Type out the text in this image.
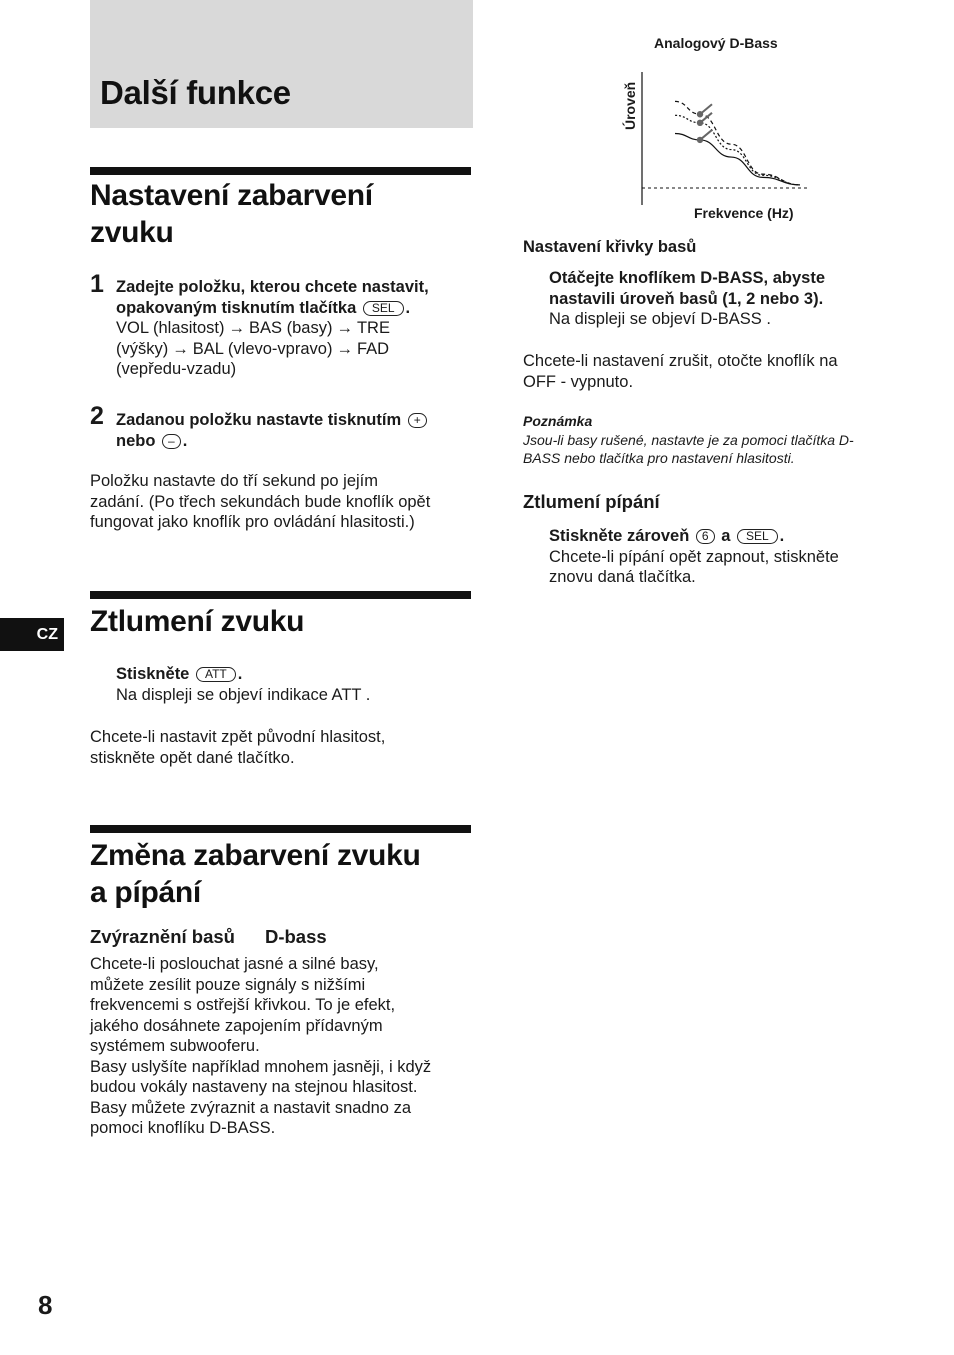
Další funkce
Nastavení zabarvení
zvuku
1 Zadejte položku, kterou chcete nastavit,
opakovaným tisknutím tlačítka SEL .
VOL (hlasitost) → BAS (basy) → TRE
(výšky) → BAL (vlevo-vpravo) → FAD
(vepředu-vzadu)
2 Zadanou položku nastavte tisknutím +
nebo – .
Položku nastavte do tří sekund po jejím
zadání. (Po třech sekundách bude knoflík opět
fungovat jako knoflík pro ovládání hlasitosti.)
Ztlumení zvuku
Stiskněte ATT .
Na displeji se objeví indikace ATT .
Chcete-li nastavit zpět původní hlasitost,
stiskněte opět dané tlačítko.
Změna zabarvení zvuku
a pípání
Zvýraznění basů D-bass
Chcete-li poslouchat jasné a silné basy,
můžete zesílit pouze signály s nižšími
frekvencemi s ostřejší křivkou. To je efekt,
jakého dosáhnete zapojením přídavným
systémem subwooferu.
Basy uslyšíte například mnohem jasněji, i když
budou vokály nastaveny na stejnou hlasitost.
Basy můžete zvýraznit a nastavit snadno za
pomoci knoflíku D-BASS.
Analogový D-Bass
Úroveň
Frekvence (Hz)
Nastavení křivky basů
Otáčejte knoflíkem D-BASS, abyste
nastavili úroveň basů (1, 2 nebo 3).
Na displeji se objeví D-BASS .
Chcete-li nastavení zrušit, otočte knoflík na
OFF - vypnuto.
Poznámka
Jsou-li basy rušené, nastavte je za pomoci tlačítka D-
BASS nebo tlačítka pro nastavení hlasitosti.
Ztlumení pípání
Stiskněte zároveň 6 a SEL .
Chcete-li pípání opět zapnout, stiskněte
znovu daná tlačítka.
CZ
8
